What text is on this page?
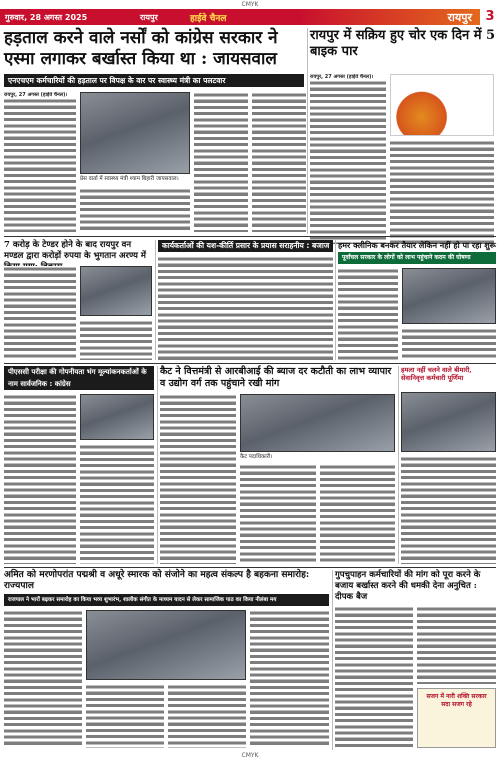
CMYK
गुरुवार, 28 अगस्त 2025	रायपुर	हाईवे चैनल	रायपुर	3
हड़ताल करने वाले नर्सों को कांग्रेस सरकार ने एस्मा लगाकर बर्खास्त किया था : जायसवाल
एनएचएम कर्मचारियों की हड़ताल पर विपक्ष के वार पर स्वास्थ्य मंत्री का पलटवार
रायपुर, 27 अगस्त (हाईवे चैनल)।
प्रेस वार्ता में स्वास्थ्य मंत्री श्याम बिहारी जायसवाल।
रायपुर में सक्रिय हुए चोर एक दिन में 5 बाइक पार
रायपुर, 27 अगस्त (हाईवे चैनल)।
7 करोड़ के टेण्डर होने के बाद रायपुर वन मण्डल द्वारा करोड़ों रुपया के भुगतान अरण्य में किया गया: विकास
कार्यकर्ताओं की यश-कीर्ति प्रसार के प्रयास सराहनीय : बजाज	हमर क्लीनिक बनकर तैयार लेकिन नहीं हो पा रहा शुरू
पूर्वांचल सरकार के लोगों को लाभ पहुंचाने कदम की घोषणा
पीएससी परीक्षा की गोपनीयता भंग मूल्यांकनकर्ताओं के नाम सार्वजनिक : कांग्रेस
कैट ने वित्तमंत्री से आरबीआई की ब्याज दर कटौती का लाभ व्यापार व उद्योग वर्ग तक पहुंचाने रखी मांग
कैट पदाधिकारी।
हमला नहीं चलने वाले बीमारी, सेवानिवृत्त कर्मचारी पूर्णिमा
अमित को मरणोपरांत पद्मश्री व अधूरे स्मारक को संजोने का महत्व संकल्प है बहकना समारोह: राज्यपाल
राजपाल ने भारों बढ़कर समारोह का किया भव्य शुभारंभ, शालीक संगीत के माध्यम यादन से लेकर सामाजिक पाठ का किया नीलंबा मय
गुपचुपाहन कर्मचारियों की मांग को पूरा करने के बजाय बर्खास्त करने की धमकी देना अनुचित : दीपक बैज
सजग में नारी शक्ति सरकार सदा सजग रहे
CMYK
